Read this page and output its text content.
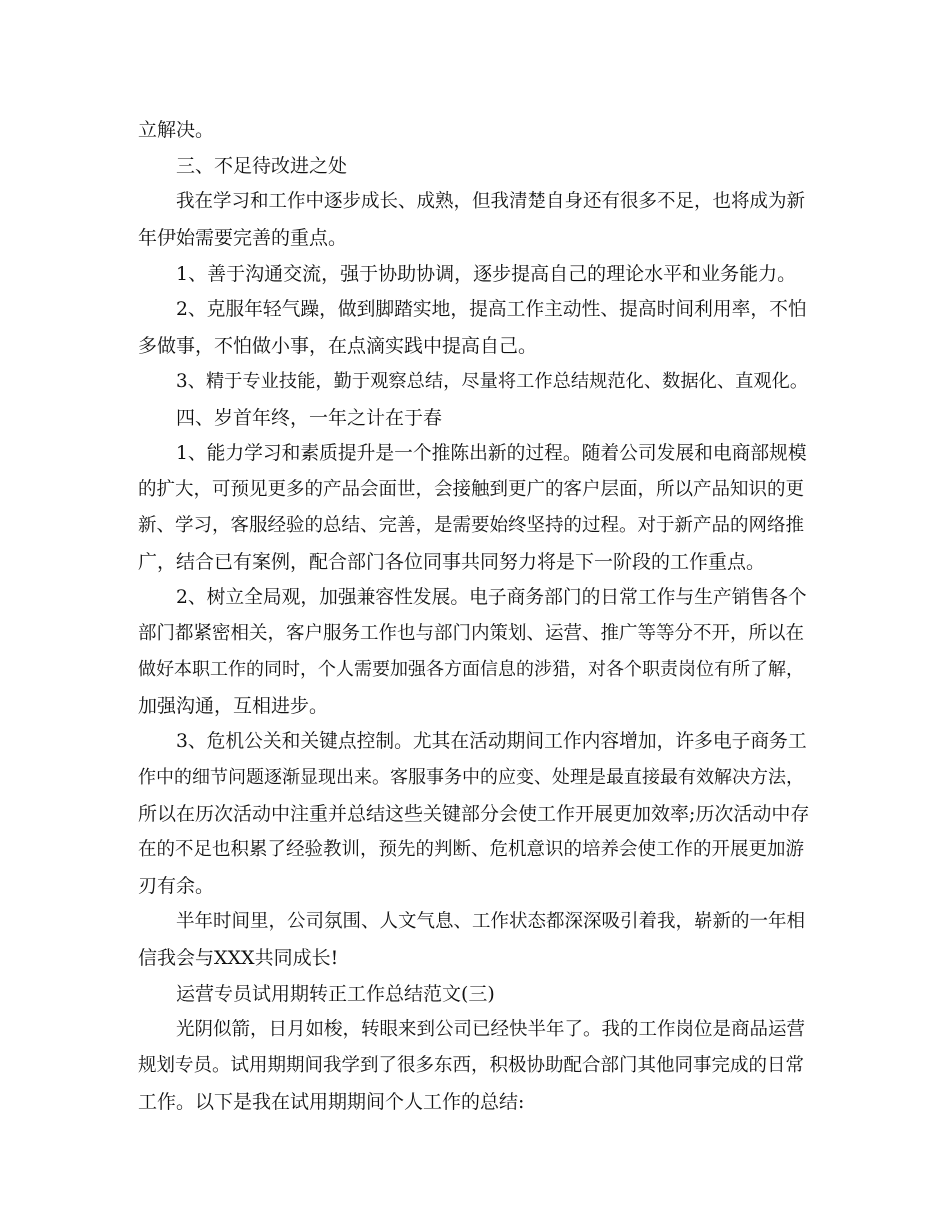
立解决。
三、不足待改进之处
我在学习和工作中逐步成长、成熟，但我清楚自身还有很多不足，也将成为新
年伊始需要完善的重点。
1、善于沟通交流，强于协助协调，逐步提高自己的理论水平和业务能力。
2、克服年轻气躁，做到脚踏实地，提高工作主动性、提高时间利用率，不怕
多做事，不怕做小事，在点滴实践中提高自己。
3、精于专业技能，勤于观察总结，尽量将工作总结规范化、数据化、直观化。
四、岁首年终，一年之计在于春
1、能力学习和素质提升是一个推陈出新的过程。随着公司发展和电商部规模
的扩大，可预见更多的产品会面世，会接触到更广的客户层面，所以产品知识的更
新、学习，客服经验的总结、完善，是需要始终坚持的过程。对于新产品的网络推
广，结合已有案例，配合部门各位同事共同努力将是下一阶段的工作重点。
2、树立全局观，加强兼容性发展。电子商务部门的日常工作与生产销售各个
部门都紧密相关，客户服务工作也与部门内策划、运营、推广等等分不开，所以在
做好本职工作的同时，个人需要加强各方面信息的涉猎，对各个职责岗位有所了解，
加强沟通，互相进步。
3、危机公关和关键点控制。尤其在活动期间工作内容增加，许多电子商务工
作中的细节问题逐渐显现出来。客服事务中的应变、处理是最直接最有效解决方法，
所以在历次活动中注重并总结这些关键部分会使工作开展更加效率;历次活动中存
在的不足也积累了经验教训，预先的判断、危机意识的培养会使工作的开展更加游
刃有余。
半年时间里，公司氛围、人文气息、工作状态都深深吸引着我，崭新的一年相
信我会与XXX共同成长!
运营专员试用期转正工作总结范文(三)
光阴似箭，日月如梭，转眼来到公司已经快半年了。我的工作岗位是商品运营
规划专员。试用期期间我学到了很多东西，积极协助配合部门其他同事完成的日常
工作。以下是我在试用期期间个人工作的总结:
